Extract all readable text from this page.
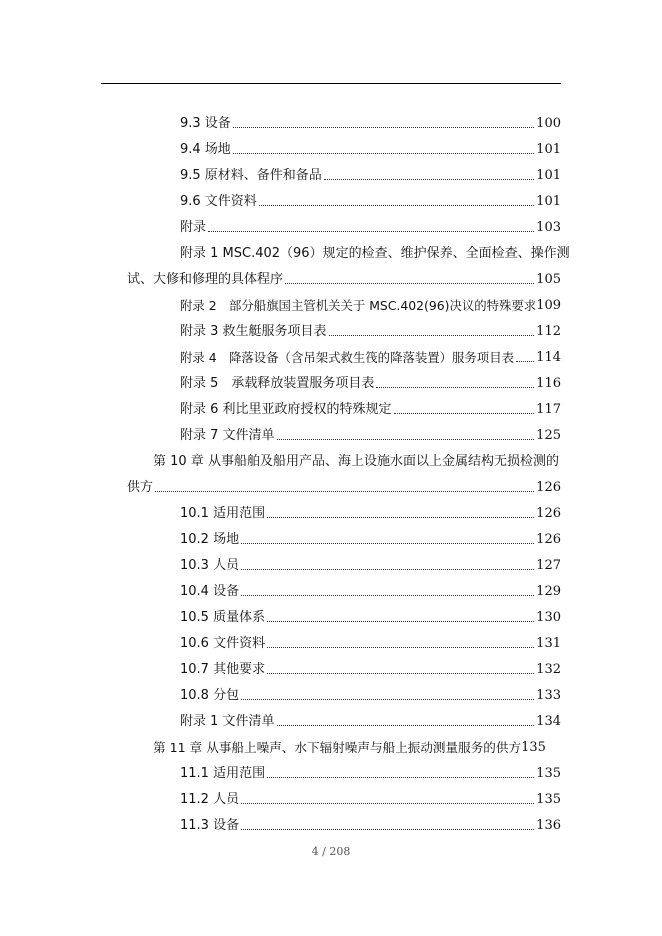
9.3 设备	100
9.4 场地	101
9.5 原材料、备件和备品	101
9.6 文件资料	101
附录	103
附录 1 MSC.402（96）规定的检查、维护保养、全面检查、操作测
试、大修和修理的具体程序	105
附录 2　部分船旗国主管机关关于 MSC.402(96)决议的特殊要求 109
附录 3 救生艇服务项目表	112
附录 4　降落设备（含吊架式救生筏的降落装置）服务项目表 114
附录 5　承载释放装置服务项目表	116
附录 6 利比里亚政府授权的特殊规定	117
附录 7 文件清单	125
第 10 章 从事船舶及船用产品、海上设施水面以上金属结构无损检测的
供方	126
10.1 适用范围	126
10.2 场地	126
10.3 人员	127
10.4 设备	129
10.5 质量体系	130
10.6 文件资料	131
10.7 其他要求	132
10.8 分包	133
附录 1 文件清单	134
第 11 章 从事船上噪声、水下辐射噪声与船上振动测量服务的供方 135
11.1 适用范围	135
11.2 人员	135
11.3 设备	136
4 / 208
